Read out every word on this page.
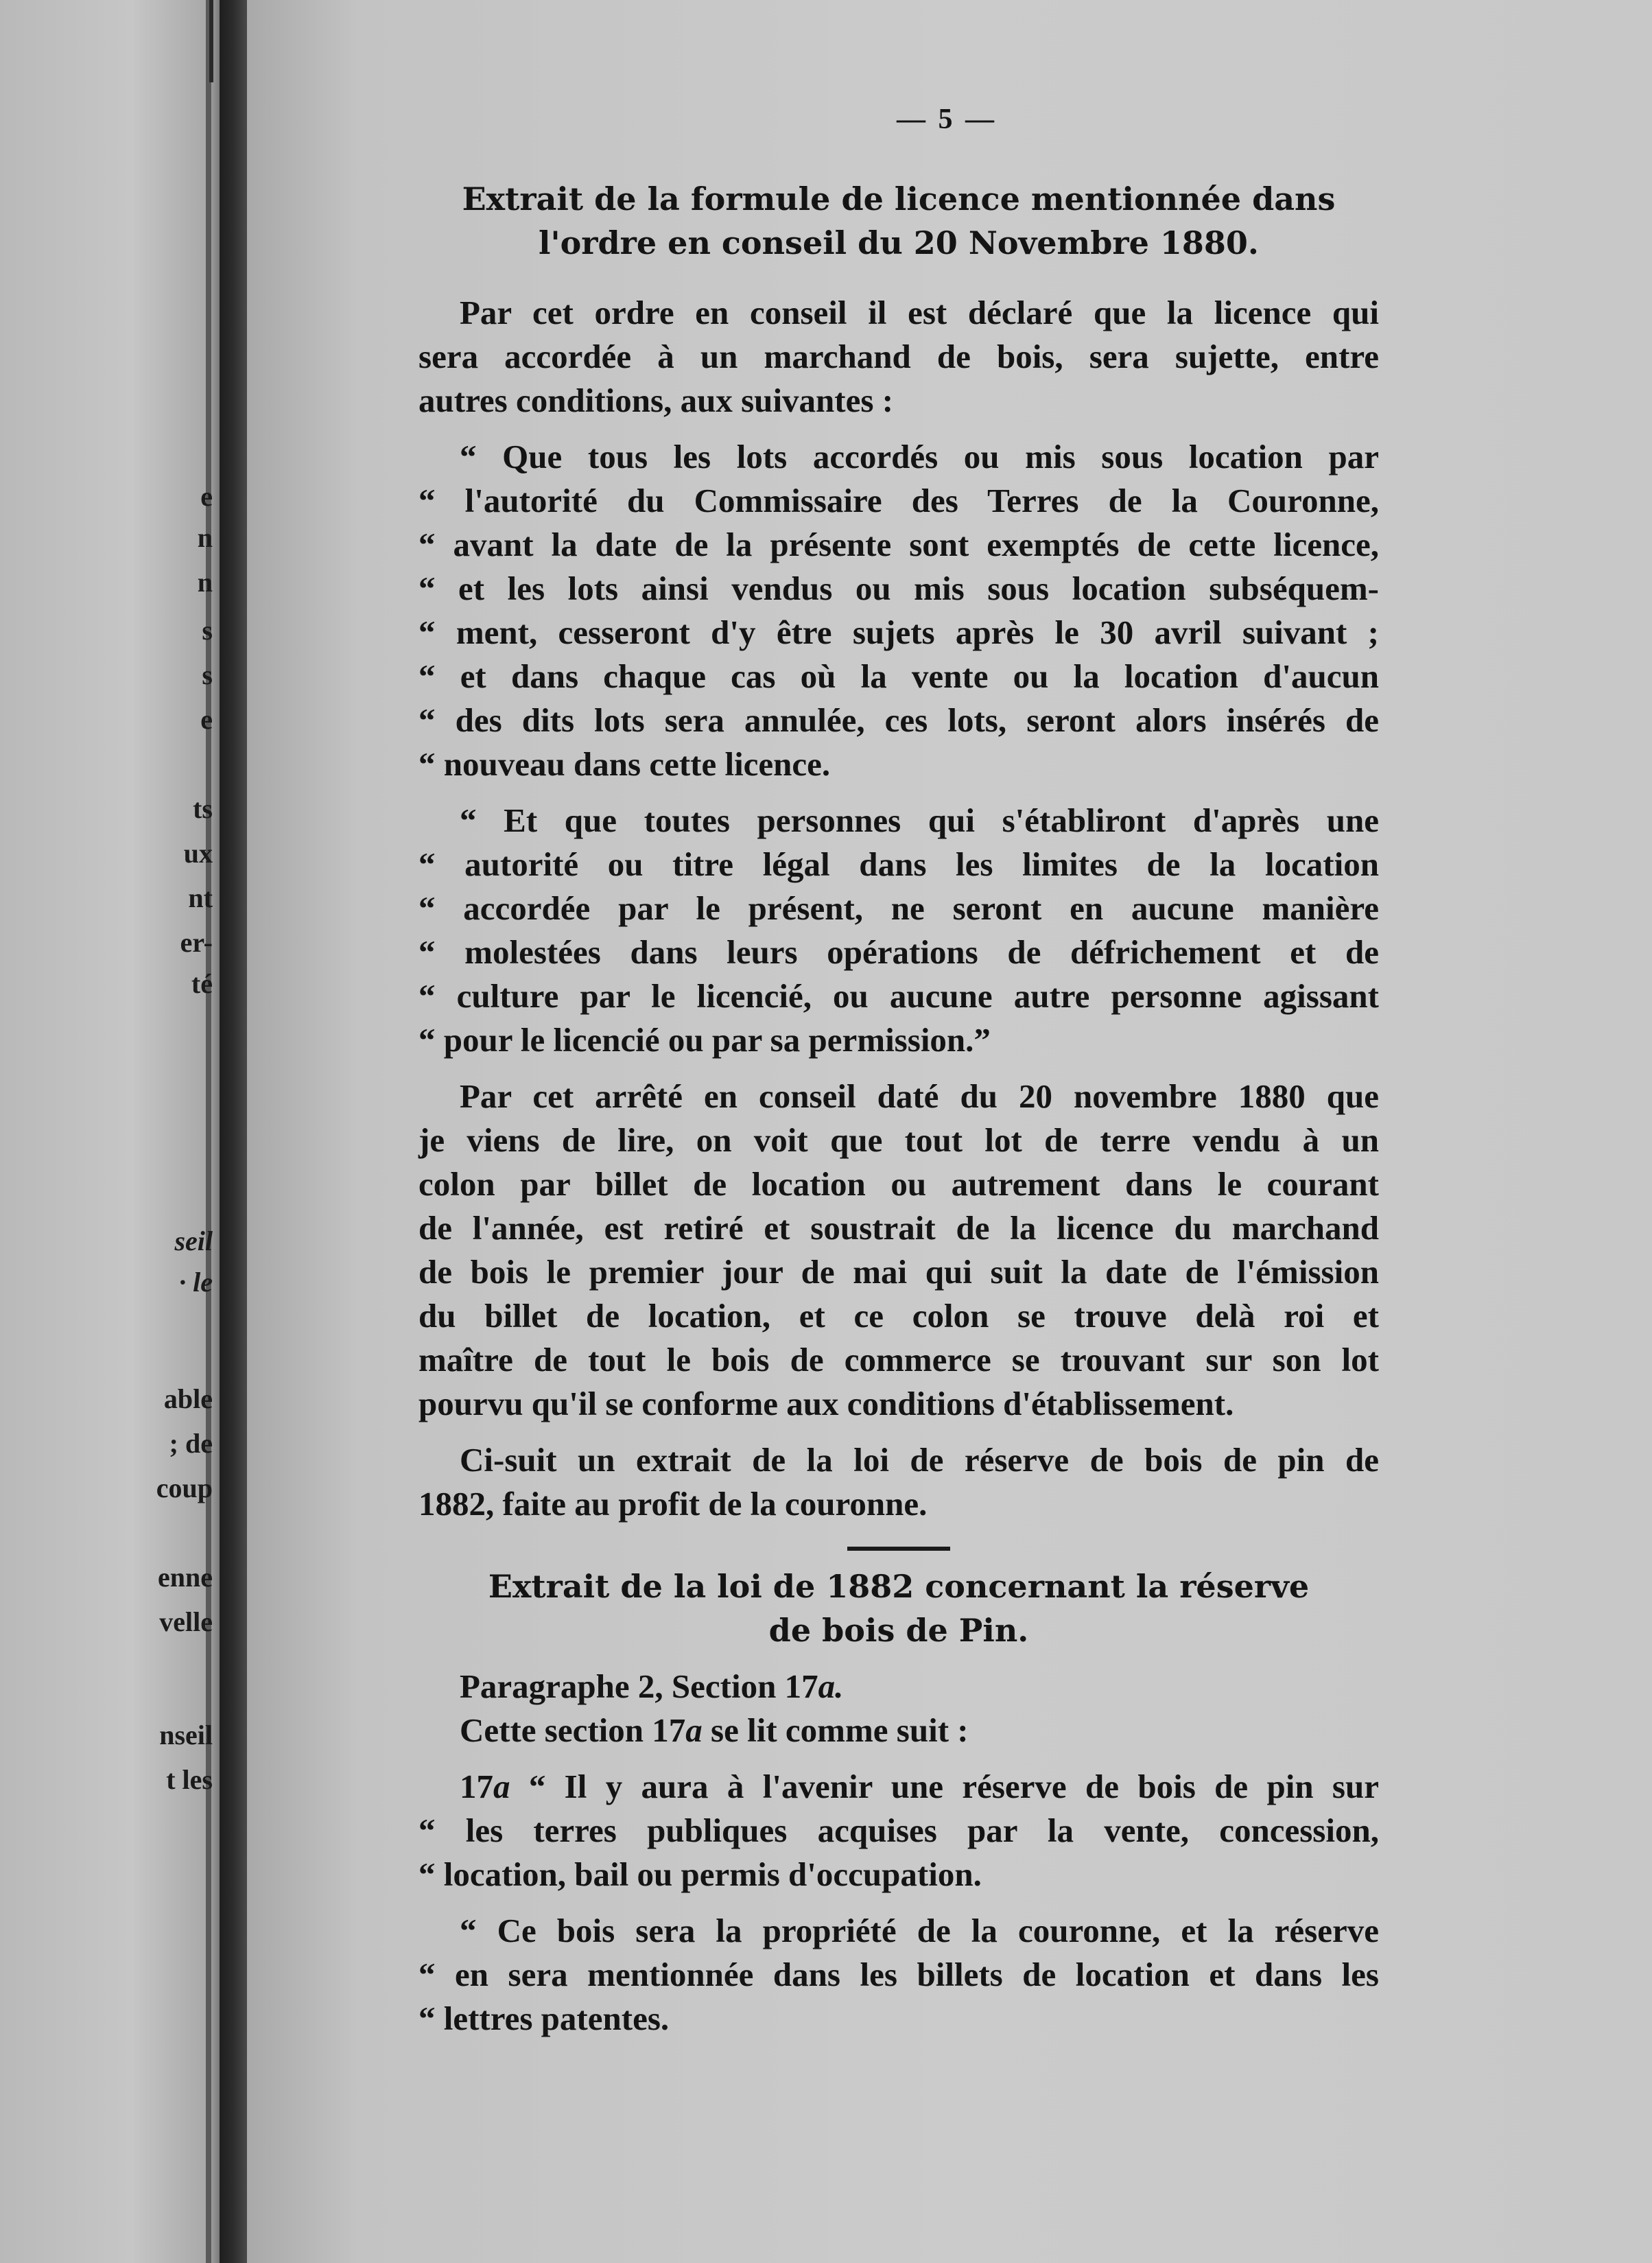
e
n
n
s
s
e
ts
ux
nt
er-
té
seil
· le
able
; de
coup
enne
velle
nseil
t les
— 5 —
Extrait de la formule de licence mentionnée dans
l'ordre en conseil du 20 Novembre 1880.
Par cet ordre en conseil il est déclaré que la licence qui
sera accordée à un marchand de bois, sera sujette, entre
autres conditions, aux suivantes :
“ Que tous les lots accordés ou mis sous location par
“ l'autorité du Commissaire des Terres de la Couronne,
“ avant la date de la présente sont exemptés de cette licence,
“ et les lots ainsi vendus ou mis sous location subséquem-
“ ment, cesseront d'y être sujets après le 30 avril suivant ;
“ et dans chaque cas où la vente ou la location d'aucun
“ des dits lots sera annulée, ces lots, seront alors insérés de
“ nouveau dans cette licence.
“ Et que toutes personnes qui s'établiront d'après une
“ autorité ou titre légal dans les limites de la location
“ accordée par le présent, ne seront en aucune manière
“ molestées dans leurs opérations de défrichement et de
“ culture par le licencié, ou aucune autre personne agissant
“ pour le licencié ou par sa permission.”
Par cet arrêté en conseil daté du 20 novembre 1880 que
je viens de lire, on voit que tout lot de terre vendu à un
colon par billet de location ou autrement dans le courant
de l'année, est retiré et soustrait de la licence du marchand
de bois le premier jour de mai qui suit la date de l'émission
du billet de location, et ce colon se trouve delà roi et
maître de tout le bois de commerce se trouvant sur son lot
pourvu qu'il se conforme aux conditions d'établissement.
Ci-suit un extrait de la loi de réserve de bois de pin de
1882, faite au profit de la couronne.
Extrait de la loi de 1882 concernant la réserve
de bois de Pin.
Paragraphe 2, Section 17a.
Cette section 17a se lit comme suit :
17a “ Il y aura à l'avenir une réserve de bois de pin sur
“ les terres publiques acquises par la vente, concession,
“ location, bail ou permis d'occupation.
“ Ce bois sera la propriété de la couronne, et la réserve
“ en sera mentionnée dans les billets de location et dans les
“ lettres patentes.
